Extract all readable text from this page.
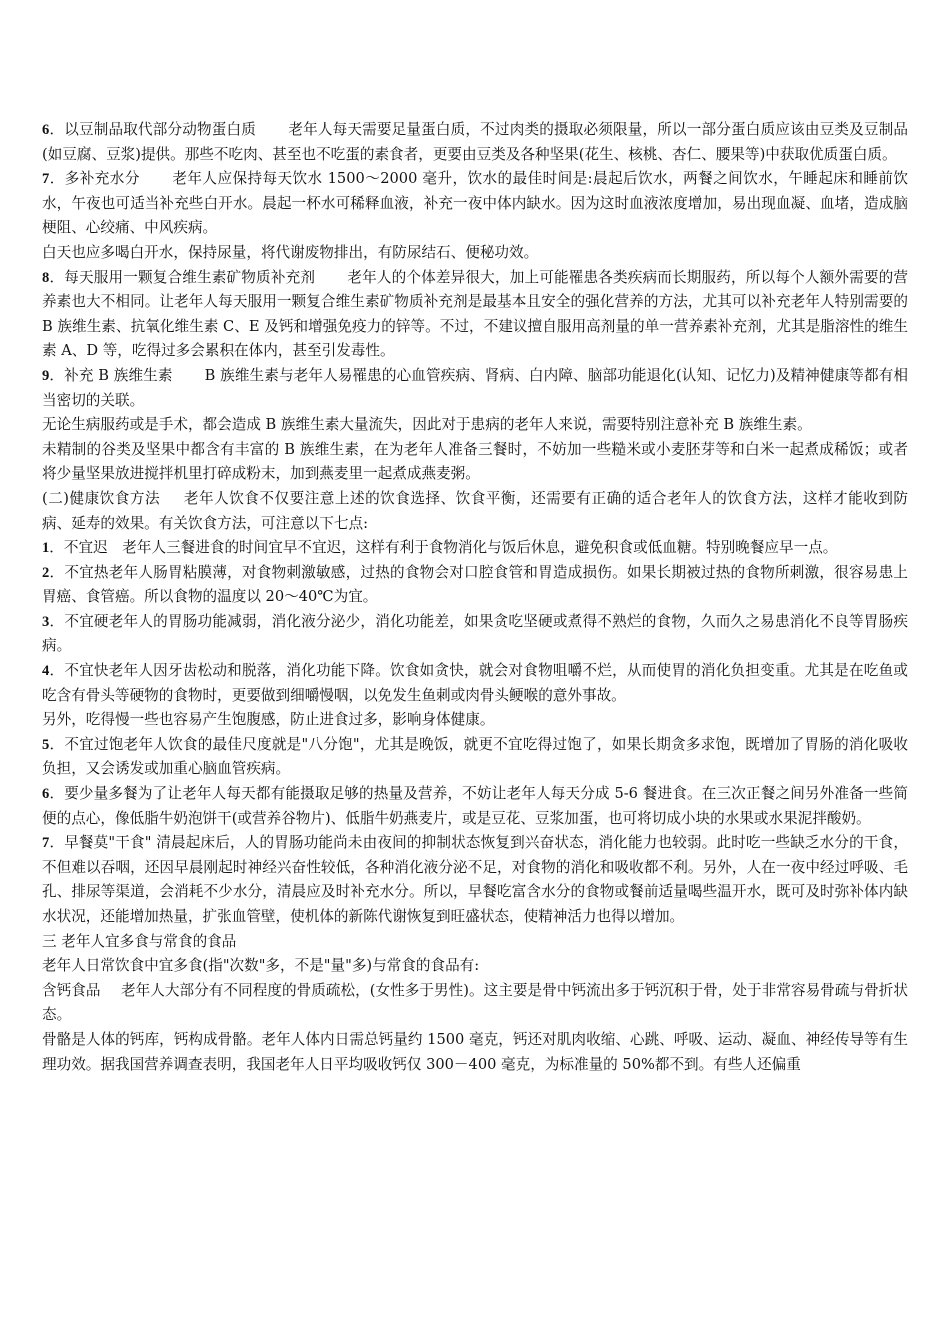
6．以豆制品取代部分动物蛋白质 老年人每天需要足量蛋白质，不过肉类的摄取必须限量，所以一部分蛋白质应该由豆类及豆制品(如豆腐、豆浆)提供。那些不吃肉、甚至也不吃蛋的素食者，更要由豆类及各种坚果(花生、核桃、杏仁、腰果等)中获取优质蛋白质。

7．多补充水分 老年人应保持每天饮水 1500～2000 毫升，饮水的最佳时间是:晨起后饮水，两餐之间饮水，午睡起床和睡前饮水，午夜也可适当补充些白开水。晨起一杯水可稀释血液，补充一夜中体内缺水。因为这时血液浓度增加，易出现血凝、血堵，造成脑梗阻、心绞痛、中风疾病。

白天也应多喝白开水，保持尿量，将代谢废物排出，有防尿结石、便秘功效。

8．每天服用一颗复合维生素矿物质补充剂 老年人的个体差异很大，加上可能罹患各类疾病而长期服药，所以每个人额外需要的营养素也大不相同。让老年人每天服用一颗复合维生素矿物质补充剂是最基本且安全的强化营养的方法，尤其可以补充老年人特别需要的 B 族维生素、抗氧化维生素 C、E 及钙和增强免疫力的锌等。不过，不建议擅自服用高剂量的单一营养素补充剂，尤其是脂溶性的维生素 A、D 等，吃得过多会累积在体内，甚至引发毒性。

9．补充 B 族维生素 B 族维生素与老年人易罹患的心血管疾病、肾病、白内障、脑部功能退化(认知、记忆力)及精神健康等都有相当密切的关联。

无论生病服药或是手术，都会造成 B 族维生素大量流失，因此对于患病的老年人来说，需要特别注意补充 B 族维生素。

未精制的谷类及坚果中都含有丰富的 B 族维生素，在为老年人准备三餐时，不妨加一些糙米或小麦胚芽等和白米一起煮成稀饭；或者将少量坚果放进搅拌机里打碎成粉末，加到燕麦里一起煮成燕麦粥。

(二)健康饮食方法 老年人饮食不仅要注意上述的饮食选择、饮食平衡，还需要有正确的适合老年人的饮食方法，这样才能收到防病、延寿的效果。有关饮食方法，可注意以下七点:

1．不宜迟 老年人三餐进食的时间宜早不宜迟，这样有利于食物消化与饭后休息，避免积食或低血糖。特别晚餐应早一点。

2．不宜热老年人肠胃粘膜薄，对食物刺激敏感，过热的食物会对口腔食管和胃造成损伤。如果长期被过热的食物所刺激，很容易患上胃癌、食管癌。所以食物的温度以 20～40℃为宜。

3．不宜硬老年人的胃肠功能减弱，消化液分泌少，消化功能差，如果贪吃坚硬或煮得不熟烂的食物，久而久之易患消化不良等胃肠疾病。

4．不宜快老年人因牙齿松动和脱落，消化功能下降。饮食如贪快，就会对食物咀嚼不烂，从而使胃的消化负担变重。尤其是在吃鱼或吃含有骨头等硬物的食物时，更要做到细嚼慢咽，以免发生鱼刺或肉骨头鲠喉的意外事故。

另外，吃得慢一些也容易产生饱腹感，防止进食过多，影响身体健康。

5．不宜过饱老年人饮食的最佳尺度就是"八分饱"，尤其是晚饭，就更不宜吃得过饱了，如果长期贪多求饱，既增加了胃肠的消化吸收负担，又会诱发或加重心脑血管疾病。

6．要少量多餐为了让老年人每天都有能摄取足够的热量及营养，不妨让老年人每天分成 5-6 餐进食。在三次正餐之间另外准备一些简便的点心，像低脂牛奶泡饼干(或营养谷物片)、低脂牛奶燕麦片，或是豆花、豆浆加蛋，也可将切成小块的水果或水果泥拌酸奶。

7．早餐莫"干食" 清晨起床后，人的胃肠功能尚未由夜间的抑制状态恢复到兴奋状态，消化能力也较弱。此时吃一些缺乏水分的干食，不但难以吞咽，还因早晨刚起时神经兴奋性较低，各种消化液分泌不足，对食物的消化和吸收都不利。另外，人在一夜中经过呼吸、毛孔、排尿等渠道，会消耗不少水分，清晨应及时补充水分。所以，早餐吃富含水分的食物或餐前适量喝些温开水，既可及时弥补体内缺水状况，还能增加热量，扩张血管壁，使机体的新陈代谢恢复到旺盛状态，使精神活力也得以增加。

三 老年人宜多食与常食的食品

老年人日常饮食中宜多食(指"次数"多，不是"量"多)与常食的食品有:

含钙食品 老年人大部分有不同程度的骨质疏松，(女性多于男性)。这主要是骨中钙流出多于钙沉积于骨，处于非常容易骨疏与骨折状态。

骨骼是人体的钙库，钙构成骨骼。老年人体内日需总钙量约 1500 毫克，钙还对肌肉收缩、心跳、呼吸、运动、凝血、神经传导等有生理功效。据我国营养调查表明，我国老年人日平均吸收钙仅 300－400 毫克，为标准量的 50%都不到。有些人还偏重
